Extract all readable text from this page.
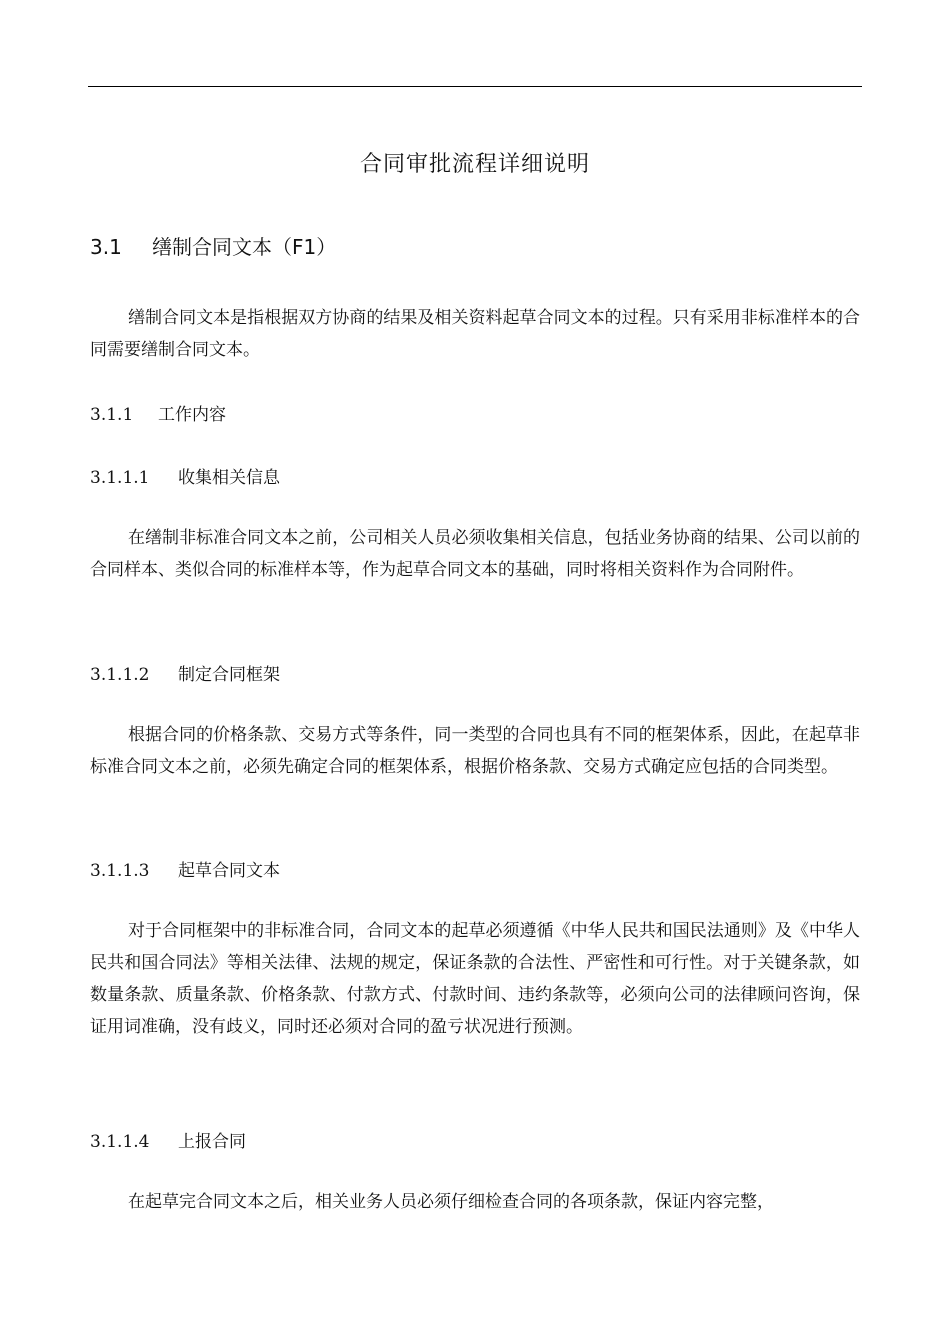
合同审批流程详细说明
3.1 缮制合同文本（F1）

缮制合同文本是指根据双方协商的结果及相关资料起草合同文本的过程。只有采用非标准样本的合同需要缮制合同文本。

3.1.1 工作内容
3.1.1.1 收集相关信息

在缮制非标准合同文本之前，公司相关人员必须收集相关信息，包括业务协商的结果、公司以前的合同样本、类似合同的标准样本等，作为起草合同文本的基础，同时将相关资料作为合同附件。

3.1.1.2 制定合同框架

根据合同的价格条款、交易方式等条件，同一类型的合同也具有不同的框架体系，因此，在起草非标准合同文本之前，必须先确定合同的框架体系，根据价格条款、交易方式确定应包括的合同类型。

3.1.1.3 起草合同文本

对于合同框架中的非标准合同，合同文本的起草必须遵循《中华人民共和国民法通则》及《中华人民共和国合同法》等相关法律、法规的规定，保证条款的合法性、严密性和可行性。对于关键条款，如数量条款、质量条款、价格条款、付款方式、付款时间、违约条款等，必须向公司的法律顾问咨询，保证用词准确，没有歧义，同时还必须对合同的盈亏状况进行预测。

3.1.1.4 上报合同

在起草完合同文本之后，相关业务人员必须仔细检查合同的各项条款，保证内容完整，
